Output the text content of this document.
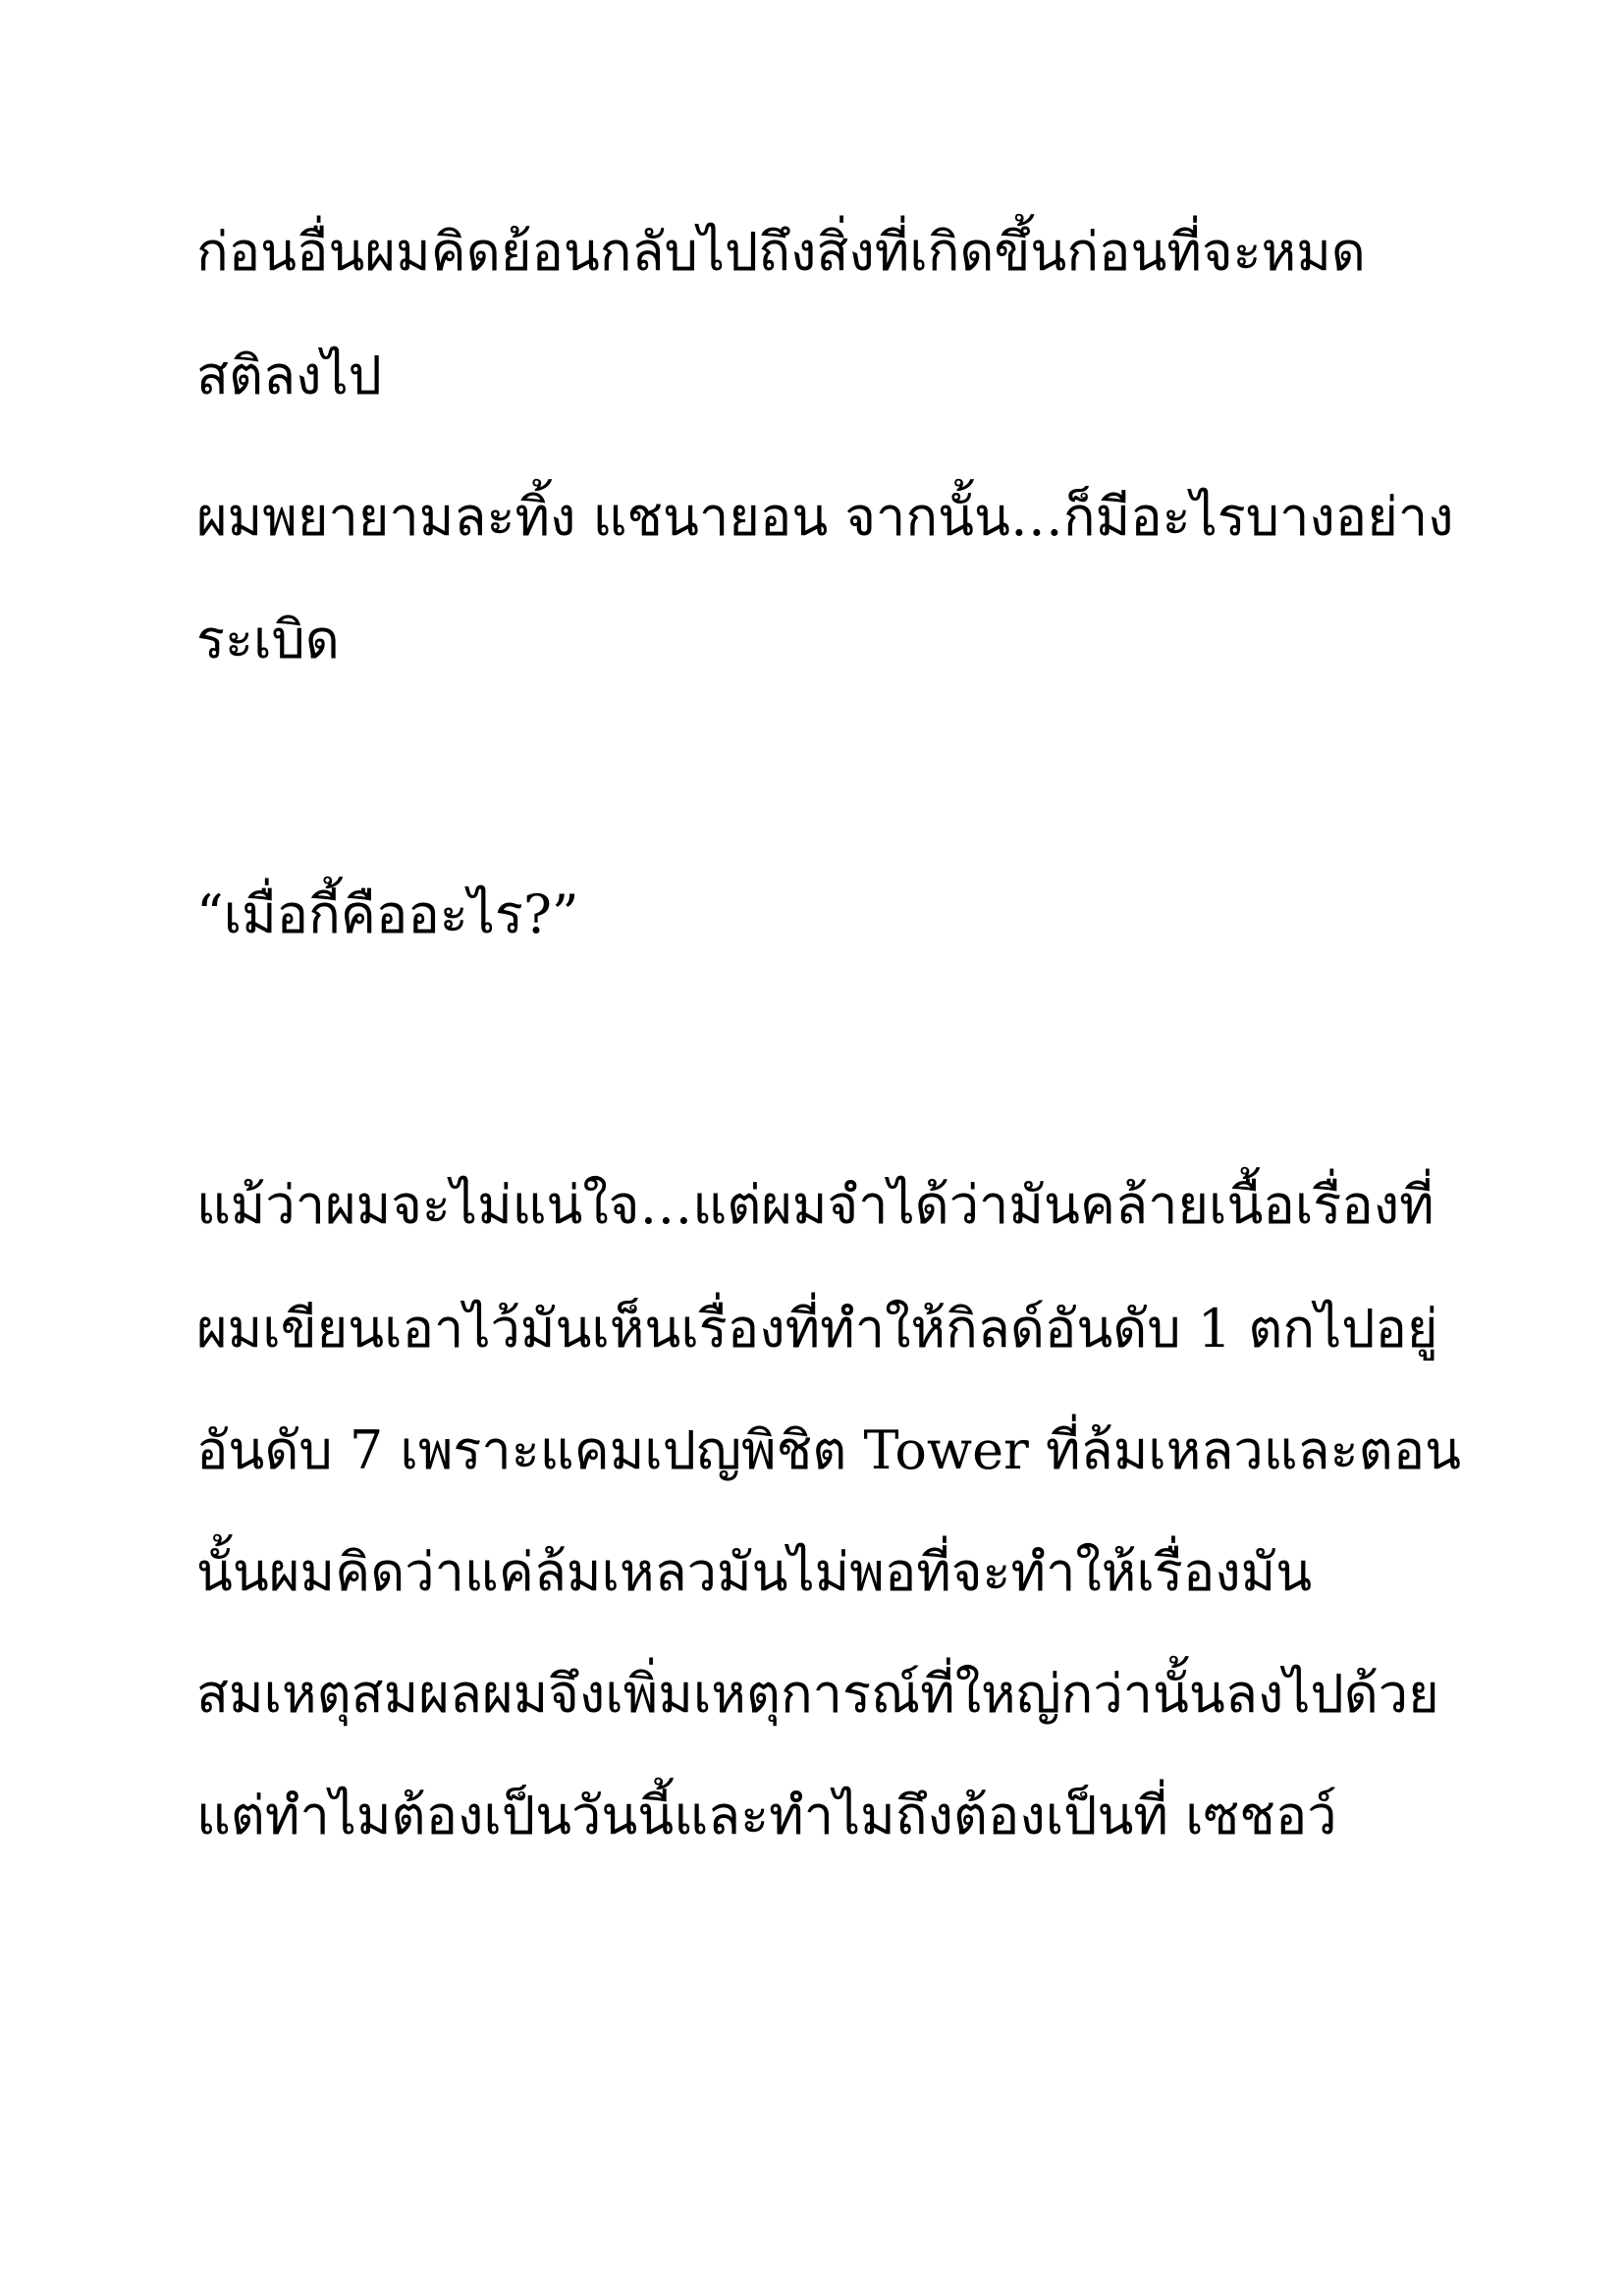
ก่อนอื่นผมคิดย้อนกลับไปถึงสิ่งที่เกิดขึ้นก่อนที่จะหมด

สติลงไป

ผมพยายามละทิ้ง แชนายอน จากนั้น…ก็มีอะไรบางอย่าง

ระเบิด

“เมื่อกี้คืออะไร?”

แม้ว่าผมจะไม่แน่ใจ…แต่ผมจำได้ว่ามันคล้ายเนื้อเรื่องที่

ผมเขียนเอาไว้มันเห็นเรื่องที่ทำให้กิลด์อันดับ 1 ตกไปอยู่

อันดับ 7 เพราะแคมเปญพิชิต Tower ที่ล้มเหลวและตอน

นั้นผมคิดว่าแค่ล้มเหลวมันไม่พอที่จะทำให้เรื่องมัน

สมเหตุสมผลผมจึงเพิ่มเหตุการณ์ที่ใหญ่กว่านั้นลงไปด้วย

แต่ทำไมต้องเป็นวันนี้และทำไมถึงต้องเป็นที่ เซชอว์
